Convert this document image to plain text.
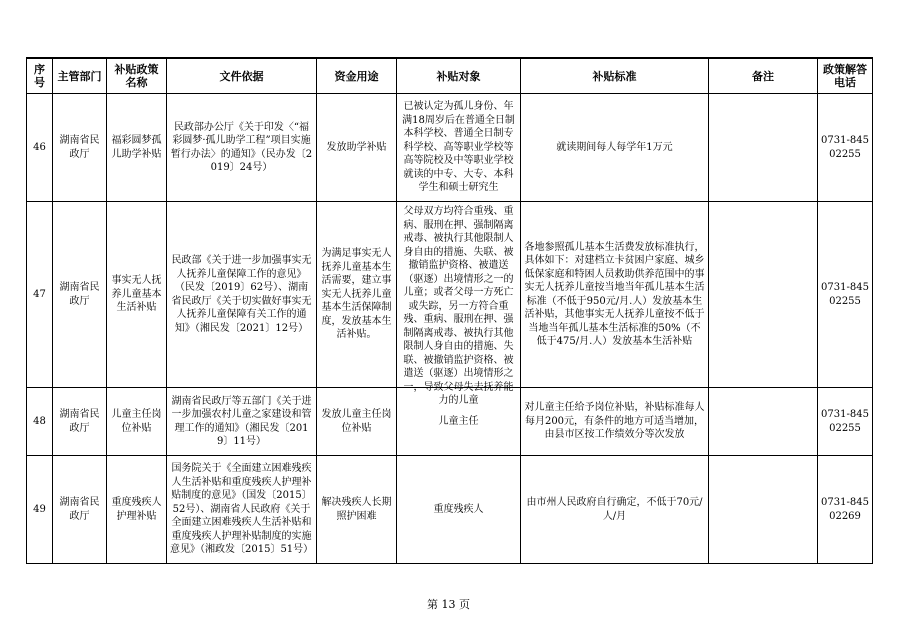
序号	主管部门	补贴政策名称	文件依据	资金用途	补贴对象	补贴标准	备注	政策解答电话
46	湖南省民政厅	福彩圆梦孤儿助学补贴	民政部办公厅《关于印发〈“福彩圆梦·孤儿助学工程”项目实施暂行办法〉的通知》（民办发〔2019〕24号）	发放助学补贴	已被认定为孤儿身份、年满18周岁后在普通全日制本科学校、普通全日制专科学校、高等职业学校等高等院校及中等职业学校就读的中专、大专、本科学生和硕士研究生	就读期间每人每学年1万元		0731-84502255
47	湖南省民政厅	事实无人抚养儿童基本生活补贴	民政部《关于进一步加强事实无人抚养儿童保障工作的意见》（民发〔2019〕62号）、湖南省民政厅《关于切实做好事实无人抚养儿童保障有关工作的通知》（湘民发〔2021〕12号）	为满足事实无人抚养儿童基本生活需要，建立事实无人抚养儿童基本生活保障制度，发放基本生活补贴。	父母双方均符合重残、重病、服刑在押、强制隔离戒毒、被执行其他限制人身自由的措施、失联、被撤销监护资格、被遣送（驱逐）出境情形之一的儿童；或者父母一方死亡或失踪，另一方符合重残、重病、服刑在押、强制隔离戒毒、被执行其他限制人身自由的措施、失联、被撤销监护资格、被遣送（驱逐）出境情形之一，导致父母失去抚养能力的儿童	各地参照孤儿基本生活费发放标准执行，具体如下：对建档立卡贫困户家庭、城乡低保家庭和特困人员救助供养范围中的事实无人抚养儿童按当地当年孤儿基本生活标准（不低于950元/月.人）发放基本生活补贴，其他事实无人抚养儿童按不低于当地当年孤儿基本生活标准的50%（不低于475/月.人）发放基本生活补贴		0731-84502255
48	湖南省民政厅	儿童主任岗位补贴	湖南省民政厅等五部门《关于进一步加强农村儿童之家建设和管理工作的通知》（湘民发〔2019〕11号）	发放儿童主任岗位补贴	儿童主任	对儿童主任给予岗位补贴，补贴标准每人每月200元，有条件的地方可适当增加，由县市区按工作绩效分等次发放		0731-84502255
49	湖南省民政厅	重度残疾人护理补贴	国务院关于《全面建立困难残疾人生活补贴和重度残疾人护理补贴制度的意见》（国发〔2015〕52号）、湖南省人民政府《关于全面建立困难残疾人生活补贴和重度残疾人护理补贴制度的实施意见》（湘政发〔2015〕51号）	解决残疾人长期照护困难	重度残疾人	由市州人民政府自行确定，不低于70元/人/月		0731-84502269
第 13 页
